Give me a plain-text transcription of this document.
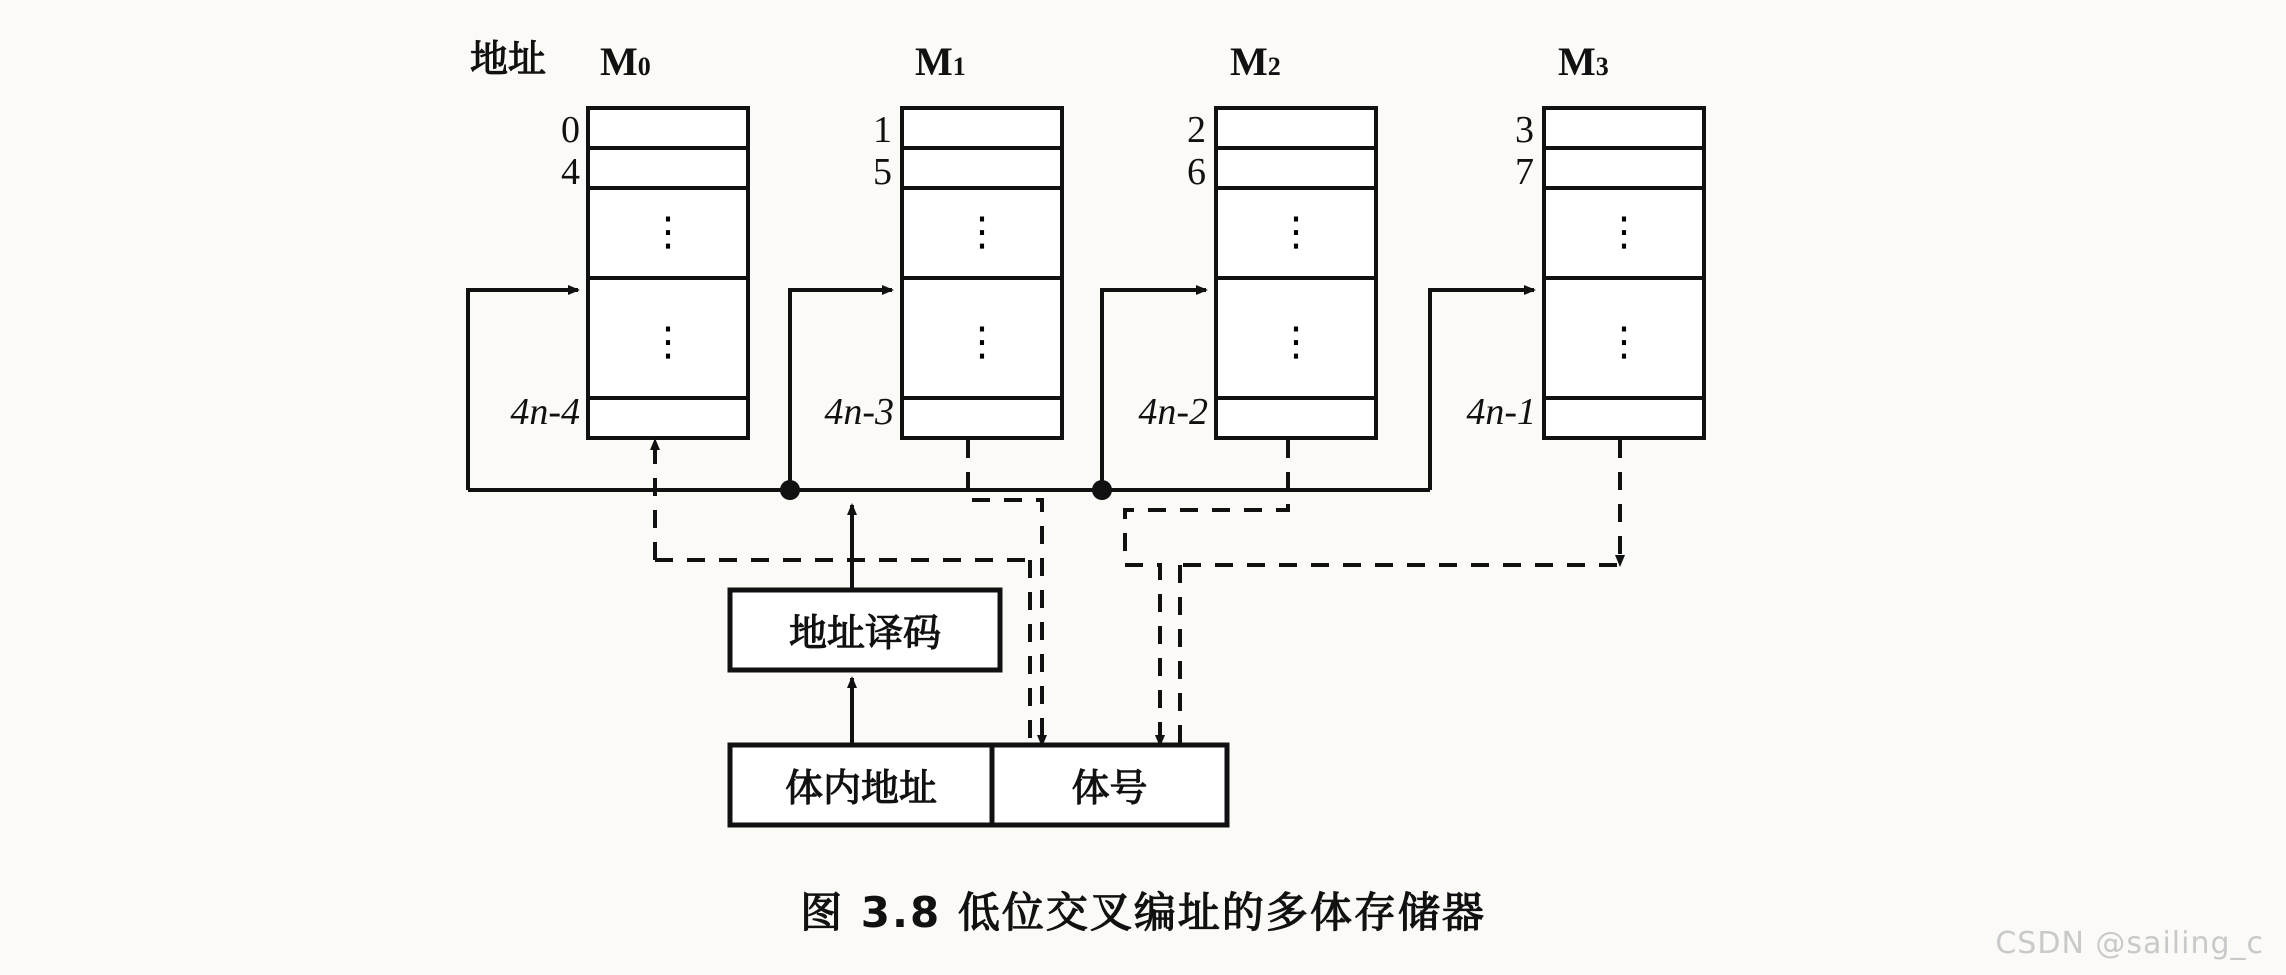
⋮
⋮
⋮
⋮
⋮
⋮
⋮
⋮
地址 M0	M1	M2	M3
0
4
4n-4
1
5
4n-3
2
6
4n-2
3
7
4n-1
地址译码
体内地址	体号
图 3.8 低位交叉编址的多体存储器
CSDN @sailing_c
